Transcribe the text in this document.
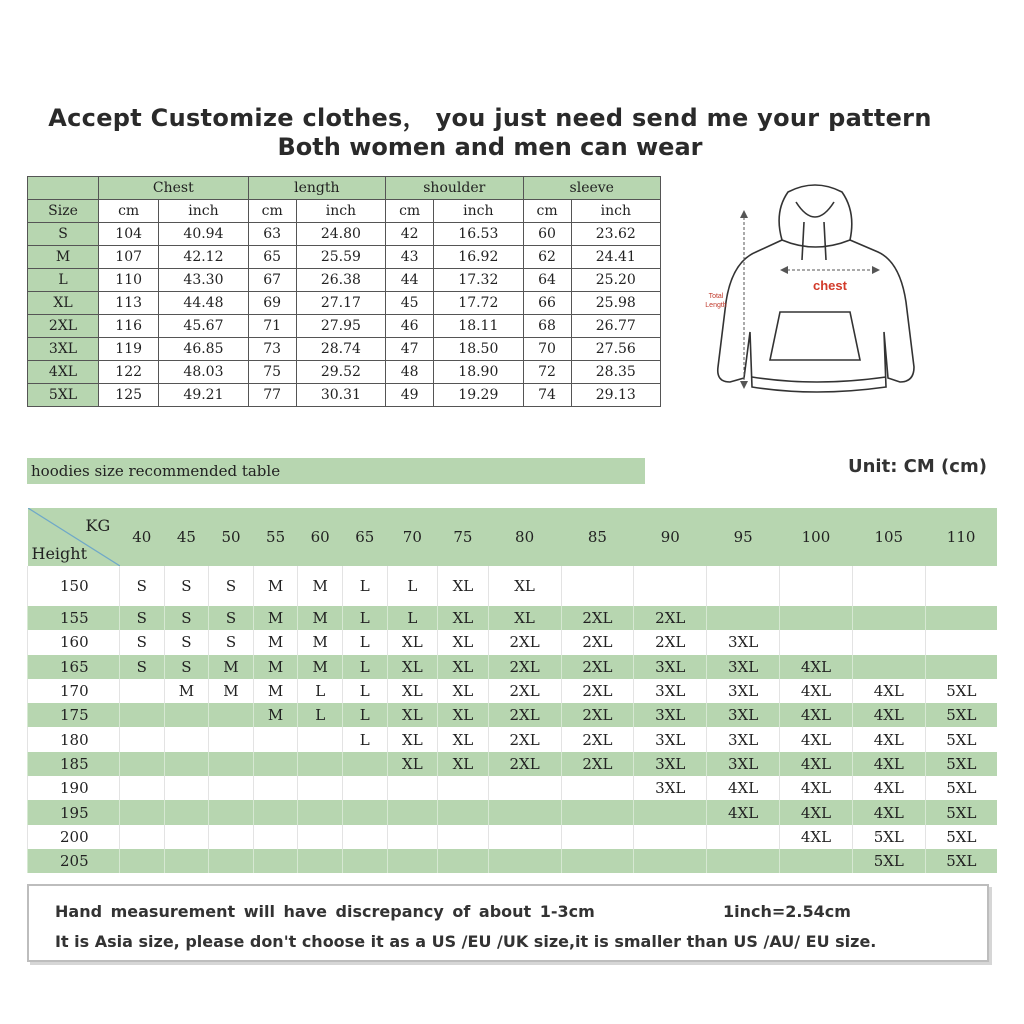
Accept Customize clothes， you just need send me your pattern
Both women and men can wear
	Chest		length		shoulder		sleeve	
Size	cm	inch	cm	inch	cm	inch	cm	inch
S	104	40.94	63	24.80	42	16.53	60	23.62
M	107	42.12	65	25.59	43	16.92	62	24.41
L	110	43.30	67	26.38	44	17.32	64	25.20
XL	113	44.48	69	27.17	45	17.72	66	25.98
2XL	116	45.67	71	27.95	46	18.11	68	26.77
3XL	119	46.85	73	28.74	47	18.50	70	27.56
4XL	122	48.03	75	29.52	48	18.90	72	28.35
5XL	125	49.21	77	30.31	49	19.29	74	29.13
chest
Total
Length
hoodies size recommended table	Unit: CM (cm)
KG
Height	40	45	50	55	60	65	70	75	80	85	90	95	100	105	110
150	S	S	S	M	M	L	L	XL	XL						
155	S	S	S	M	M	L	L	XL	XL	2XL	2XL				
160	S	S	S	M	M	L	XL	XL	2XL	2XL	2XL	3XL			
165	S	S	M	M	M	L	XL	XL	2XL	2XL	3XL	3XL	4XL		
170		M	M	M	L	L	XL	XL	2XL	2XL	3XL	3XL	4XL	4XL	5XL
175				M	L	L	XL	XL	2XL	2XL	3XL	3XL	4XL	4XL	5XL
180						L	XL	XL	2XL	2XL	3XL	3XL	4XL	4XL	5XL
185							XL	XL	2XL	2XL	3XL	3XL	4XL	4XL	5XL
190											3XL	4XL	4XL	4XL	5XL
195												4XL	4XL	4XL	5XL
200													4XL	5XL	5XL
205														5XL	5XL
Hand measurement will have discrepancy of about 1-3cm	1inch=2.54cm
It is Asia size, please don't choose it as a US /EU /UK size,it is smaller than US /AU/ EU size.
